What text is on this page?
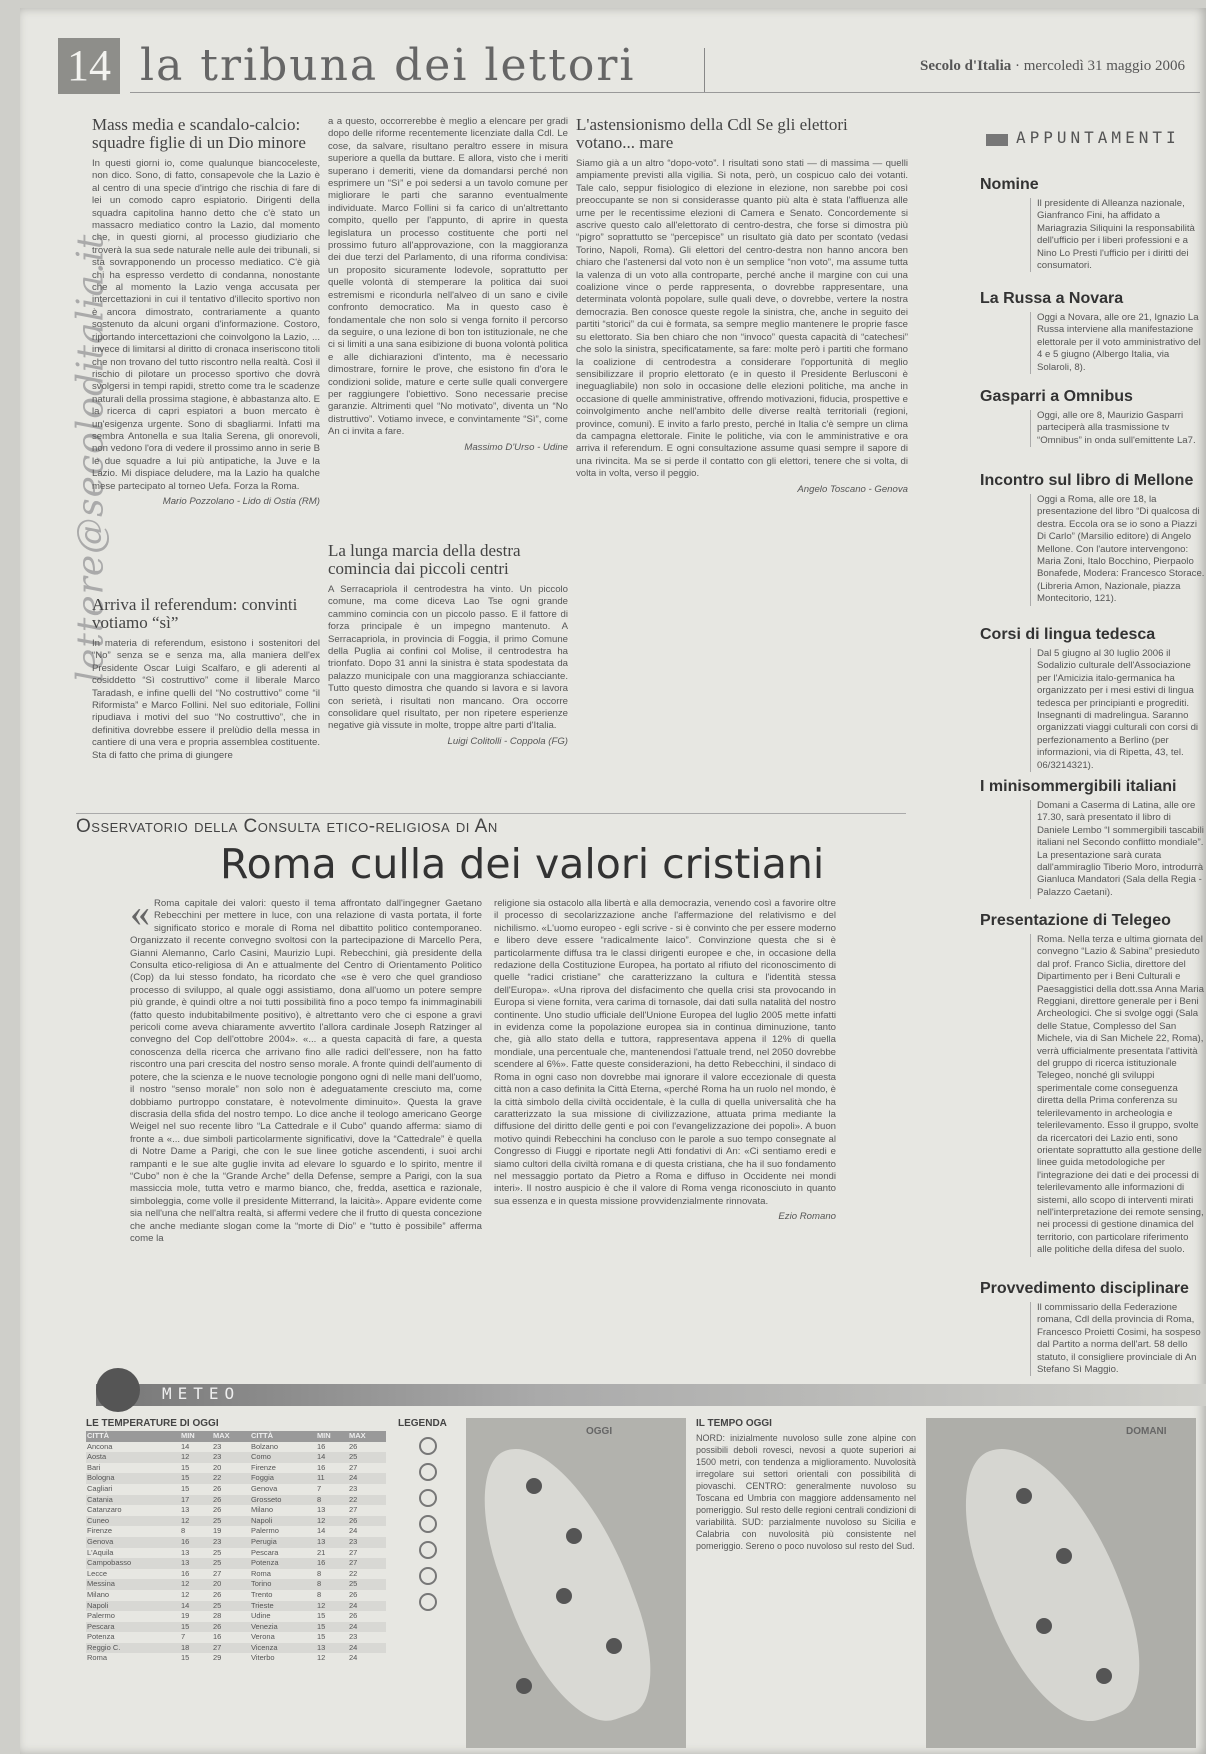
14 la tribuna dei lettori	Secolo d'Italia · mercoledì 31 maggio 2006
lettere@secoloditalia.it
Mass media e scandalo-calcio: squadre figlie di un Dio minore

In questi giorni io, come qualunque biancoceleste, non dico. Sono, di fatto, consapevole che la Lazio è al centro di una specie d'intrigo che rischia di fare di lei un comodo capro espiatorio. Dirigenti della squadra capitolina hanno detto che c'è stato un massacro mediatico contro la Lazio, dal momento che, in questi giorni, al processo giudiziario che troverà la sua sede naturale nelle aule dei tribunali, si sta sovrapponendo un processo mediatico. C'è già chi ha espresso verdetto di condanna, nonostante che al momento la Lazio venga accusata per intercettazioni in cui il tentativo d'illecito sportivo non è ancora dimostrato, contrariamente a quanto sostenuto da alcuni organi d'informazione. Costoro, riportando intercettazioni che coinvolgono la Lazio, ... invece di limitarsi al diritto di cronaca inseriscono titoli che non trovano del tutto riscontro nella realtà. Così il rischio di pilotare un processo sportivo che dovrà svolgersi in tempi rapidi, stretto come tra le scadenze naturali della prossima stagione, è abbastanza alto. E la ricerca di capri espiatori a buon mercato è un'esigenza urgente. Sono di sbagliarmi. Infatti ma sembra Antonella e sua Italia Serena, gli onorevoli, non vedono l'ora di vedere il prossimo anno in serie B le due squadre a lui più antipatiche, la Juve e la Lazio. Mi dispiace deludere, ma la Lazio ha qualche mese partecipato al torneo Uefa. Forza la Roma.

Mario Pozzolano - Lido di Ostia (RM)
Arriva il referendum: convinti votiamo “sì”

In materia di referendum, esistono i sostenitori del “No” senza se e senza ma, alla maniera dell'ex Presidente Oscar Luigi Scalfaro, e gli aderenti al cosiddetto “Sì costruttivo” come il liberale Marco Taradash, e infine quelli del “No costruttivo” come “il Riformista” e Marco Follini. Nel suo editoriale, Follini ripudiava i motivi del suo “No costruttivo”, che in definitiva dovrebbe essere il prelùdio della messa in cantiere di una vera e propria assemblea costituente. Sta di fatto che prima di giungere

a a questo, occorrerebbe è meglio a elencare per gradi dopo delle riforme recentemente licenziate dalla Cdl. Le cose, da salvare, risultano peraltro essere in misura superiore a quella da buttare. E allora, visto che i meriti superano i demeriti, viene da domandarsi perché non esprimere un “Sì” e poi sedersi a un tavolo comune per migliorare le parti che saranno eventualmente individuate. Marco Follini si fa carico di un'altrettanto compito, quello per l'appunto, di aprire in questa legislatura un processo costituente che porti nel prossimo futuro all'approvazione, con la maggioranza dei due terzi del Parlamento, di una riforma condivisa: un proposito sicuramente lodevole, soprattutto per quelle volontà di stemperare la politica dai suoi estremismi e ricondurla nell'alveo di un sano e civile confronto democratico. Ma in questo caso è fondamentale che non solo si venga fornito il percorso da seguire, o una lezione di bon ton istituzionale, ne che ci si limiti a una sana esibizione di buona volontà politica e alle dichiarazioni d'intento, ma è necessario dimostrare, fornire le prove, che esistono fin d'ora le condizioni solide, mature e certe sulle quali convergere per raggiungere l'obiettivo. Sono necessarie precise garanzie. Altrimenti quel “No motivato”, diventa un “No distruttivo”. Votiamo invece, e convintamente “Sì”, come An ci invita a fare.

Massimo D'Urso - Udine
La lunga marcia della destra comincia dai piccoli centri

A Serracapriola il centrodestra ha vinto. Un piccolo comune, ma come diceva Lao Tse ogni grande cammino comincia con un piccolo passo. E il fattore di forza principale è un impegno mantenuto. A Serracapriola, in provincia di Foggia, il primo Comune della Puglia ai confini col Molise, il centrodestra ha trionfato. Dopo 31 anni la sinistra è stata spodestata da palazzo municipale con una maggioranza schiacciante. Tutto questo dimostra che quando si lavora e si lavora con serietà, i risultati non mancano. Ora occorre consolidare quel risultato, per non ripetere esperienze negative già vissute in molte, troppe altre parti d'Italia.

Luigi Colitolli - Coppola (FG)
L'astensionismo della Cdl Se gli elettori votano... mare

Siamo già a un altro “dopo-voto”. I risultati sono stati — di massima — quelli ampiamente previsti alla vigilia. Si nota, però, un cospicuo calo dei votanti. Tale calo, seppur fisiologico di elezione in elezione, non sarebbe poi così preoccupante se non si considerasse quanto più alta è stata l'affluenza alle urne per le recentissime elezioni di Camera e Senato. Concordemente si ascrive questo calo all'elettorato di centro-destra, che forse si dimostra più “pigro” soprattutto se “percepisce” un risultato già dato per scontato (vedasi Torino, Napoli, Roma). Gli elettori del centro-destra non hanno ancora ben chiaro che l'astenersi dal voto non è un semplice “non voto”, ma assume tutta la valenza di un voto alla controparte, perché anche il margine con cui una coalizione vince o perde rappresenta, o dovrebbe rappresentare, una determinata volontà popolare, sulle quali deve, o dovrebbe, vertere la nostra democrazia. Ben conosce queste regole la sinistra, che, anche in seguito dei partiti “storici” da cui è formata, sa sempre meglio mantenere le proprie fasce su elettorato. Sia ben chiaro che non “invoco” questa capacità di “catechesi” che solo la sinistra, specificatamente, sa fare: molte però i partiti che formano la coalizione di centrodestra a considerare l'opportunità di meglio sensibilizzare il proprio elettorato (e in questo il Presidente Berlusconi è ineguagliabile) non solo in occasione delle elezioni politiche, ma anche in occasione di quelle amministrative, offrendo motivazioni, fiducia, prospettive e coinvolgimento anche nell'ambito delle diverse realtà territoriali (regioni, province, comuni). E invito a farlo presto, perché in Italia c'è sempre un clima da campagna elettorale. Finite le politiche, via con le amministrative e ora arriva il referendum. E ogni consultazione assume quasi sempre il sapore di una rivincita. Ma se si perde il contatto con gli elettori, tenere che si volta, di volta in volta, verso il peggio.

Angelo Toscano - Genova
Osservatorio della Consulta etico-religiosa di An
Roma culla dei valori cristiani

« Roma capitale dei valori: questo il tema affrontato dall'ingegner Gaetano Rebecchini per mettere in luce, con una relazione di vasta portata, il forte significato storico e morale di Roma nel dibattito politico contemporaneo. Organizzato il recente convegno svoltosi con la partecipazione di Marcello Pera, Gianni Alemanno, Carlo Casini, Maurizio Lupi. Rebecchini, già presidente della Consulta etico-religiosa di An e attualmente del Centro di Orientamento Politico (Cop) da lui stesso fondato, ha ricordato che «se è vero che quel grandioso processo di sviluppo, al quale oggi assistiamo, dona all'uomo un potere sempre più grande, è quindi oltre a noi tutti possibilità fino a poco tempo fa inimmaginabili (fatto questo indubitabilmente positivo), è altrettanto vero che ci espone a gravi pericoli come aveva chiaramente avvertito l'allora cardinale Joseph Ratzinger al convegno del Cop dell'ottobre 2004». «... a questa capacità di fare, a questa conoscenza della ricerca che arrivano fino alle radici dell'essere, non ha fatto riscontro una pari crescita del nostro senso morale. A fronte quindi dell'aumento di potere, che la scienza e le nuove tecnologie pongono ogni dì nelle mani dell'uomo, il nostro “senso morale” non solo non è adeguatamente cresciuto ma, come dobbiamo purtroppo constatare, è notevolmente diminuito». Questa la grave discrasia della sfida del nostro tempo. Lo dice anche il teologo americano George Weigel nel suo recente libro “La Cattedrale e il Cubo” quando afferma: siamo di fronte a «... due simboli particolarmente significativi, dove la “Cattedrale” è quella di Notre Dame a Parigi, che con le sue linee gotiche ascendenti, i suoi archi rampanti e le sue alte guglie invita ad elevare lo sguardo e lo spirito, mentre il “Cubo” non è che la “Grande Arche” della Defense, sempre a Parigi, con la sua massiccia mole, tutta vetro e marmo bianco, che, fredda, asettica e razionale, simboleggia, come volle il presidente Mitterrand, la laicità». Appare evidente come sia nell'una che nell'altra realtà, si affermi vedere che il frutto di questa concezione che anche mediante slogan come la “morte di Dio” e “tutto è possibile” afferma come la

religione sia ostacolo alla libertà e alla democrazia, venendo così a favorire oltre il processo di secolarizzazione anche l'affermazione del relativismo e del nichilismo. «L'uomo europeo - egli scrive - si è convinto che per essere moderno e libero deve essere “radicalmente laico”. Convinzione questa che si è particolarmente diffusa tra le classi dirigenti europee e che, in occasione della redazione della Costituzione Europea, ha portato al rifiuto del riconoscimento di quelle “radici cristiane” che caratterizzano la cultura e l'identità stessa dell'Europa». «Una riprova del disfacimento che quella crisi sta provocando in Europa si viene fornita, vera carima di tornasole, dai dati sulla natalità del nostro continente. Uno studio ufficiale dell'Unione Europea del luglio 2005 mette infatti in evidenza come la popolazione europea sia in continua diminuzione, tanto che, già allo stato della e tuttora, rappresentava appena il 12% di quella mondiale, una percentuale che, mantenendosi l'attuale trend, nel 2050 dovrebbe scendere al 6%». Fatte queste considerazioni, ha detto Rebecchini, il sindaco di Roma in ogni caso non dovrebbe mai ignorare il valore eccezionale di questa città non a caso definita la Città Eterna, «perché Roma ha un ruolo nel mondo, è la città simbolo della civiltà occidentale, è la culla di quella universalità che ha caratterizzato la sua missione di civilizzazione, attuata prima mediante la diffusione del diritto delle genti e poi con l'evangelizzazione dei popoli». A buon motivo quindi Rebecchini ha concluso con le parole a suo tempo consegnate al Congresso di Fiuggi e riportate negli Atti fondativi di An: «Ci sentiamo eredi e siamo cultori della civiltà romana e di questa cristiana, che ha il suo fondamento nel messaggio portato da Pietro a Roma e diffuso in Occidente nei mondi interi». Il nostro auspicio è che il valore di Roma venga riconosciuto in quanto sua essenza e in questa missione provvidenzialmente rinnovata.

Ezio Romano
APPUNTAMENTI
Nomine

Il presidente di Alleanza nazionale, Gianfranco Fini, ha affidato a Mariagrazia Siliquini la responsabilità dell'ufficio per i liberi professioni e a Nino Lo Presti l'ufficio per i diritti dei consumatori.

La Russa a Novara

Oggi a Novara, alle ore 21, Ignazio La Russa interviene alla manifestazione elettorale per il voto amministrativo del 4 e 5 giugno (Albergo Italia, via Solaroli, 8).

Gasparri a Omnibus

Oggi, alle ore 8, Maurizio Gasparri parteciperà alla trasmissione tv “Omnibus” in onda sull'emittente La7.

Incontro sul libro di Mellone

Oggi a Roma, alle ore 18, la presentazione del libro “Di qualcosa di destra. Eccola ora se io sono a Piazzi Di Carlo” (Marsilio editore) di Angelo Mellone. Con l'autore intervengono: Maria Zoni, Italo Bocchino, Pierpaolo Bonafede, Modera: Francesco Storace. (Libreria Amon, Nazionale, piazza Montecitorio, 121).

Corsi di lingua tedesca

Dal 5 giugno al 30 luglio 2006 il Sodalizio culturale dell'Associazione per l'Amicizia italo-germanica ha organizzato per i mesi estivi di lingua tedesca per principianti e progrediti. Insegnanti di madrelingua. Saranno organizzati viaggi culturali con corsi di perfezionamento a Berlino (per informazioni, via di Ripetta, 43, tel. 06/3214321).

I minisommergibili italiani

Domani a Caserma di Latina, alle ore 17.30, sarà presentato il libro di Daniele Lembo “I sommergibili tascabili italiani nel Secondo conflitto mondiale”. La presentazione sarà curata dall'ammiraglio Tiberio Moro, introdurrà Gianluca Mandatori (Sala della Regia - Palazzo Caetani).

Presentazione di Telegeo

Roma. Nella terza e ultima giornata del convegno “Lazio & Sabina” presieduto dal prof. Franco Siclia, direttore del Dipartimento per i Beni Culturali e Paesaggistici della dott.ssa Anna Maria Reggiani, direttore generale per i Beni Archeologici. Che si svolge oggi (Sala delle Statue, Complesso del San Michele, via di San Michele 22, Roma), verrà ufficialmente presentata l'attività del gruppo di ricerca istituzionale Telegeo, nonché gli sviluppi sperimentale come conseguenza diretta della Prima conferenza su telerilevamento in archeologia e telerilevamento. Esso il gruppo, svolte da ricercatori dei Lazio enti, sono orientate soprattutto alla gestione delle linee guida metodologiche per l'integrazione dei dati e dei processi di telerilevamento alle informazioni di sistemi, allo scopo di interventi mirati nell'interpretazione dei remote sensing, nei processi di gestione dinamica del territorio, con particolare riferimento alle politiche della difesa del suolo.

Provvedimento disciplinare

Il commissario della Federazione romana, Cdl della provincia di Roma, Francesco Proietti Cosimi, ha sospeso dal Partito a norma dell'art. 58 dello statuto, il consigliere provinciale di An Stefano Sì Maggio.

METEO
LE TEMPERATURE DI OGGI
CITTÀ	MIN	MAX	CITTÀ	MIN	MAX
Ancona	14	23	Bolzano	16	26
Aosta	12	23	Como	14	25
Bari	15	20	Firenze	16	27
Bologna	15	22	Foggia	11	24
Cagliari	15	26	Genova	7	23
Catania	17	26	Grosseto	8	22
Catanzaro	13	26	Milano	13	27
Cuneo	12	25	Napoli	12	26
Firenze	8	19	Palermo	14	24
Genova	16	23	Perugia	13	23
L'Aquila	13	25	Pescara	21	27
Campobasso	13	25	Potenza	16	27
Lecce	16	27	Roma	8	22
Messina	12	20	Torino	8	25
Milano	12	26	Trento	8	26
Napoli	14	25	Trieste	12	24
Palermo	19	28	Udine	15	26
Pescara	15	26	Venezia	15	24
Potenza	7	16	Verona	15	23
Reggio C.	18	27	Vicenza	13	24
Roma	15	29	Viterbo	12	24
LEGENDA
OGGI
IL TEMPO OGGI

NORD: inizialmente nuvoloso sulle zone alpine con possibili deboli rovesci, nevosi a quote superiori ai 1500 metri, con tendenza a miglioramento. Nuvolosità irregolare sui settori orientali con possibilità di piovaschi. CENTRO: generalmente nuvoloso su Toscana ed Umbria con maggiore addensamento nel pomeriggio. Sul resto delle regioni centrali condizioni di variabilità. SUD: parzialmente nuvoloso su Sicilia e Calabria con nuvolosità più consistente nel pomeriggio. Sereno o poco nuvoloso sul resto del Sud.

DOMANI
